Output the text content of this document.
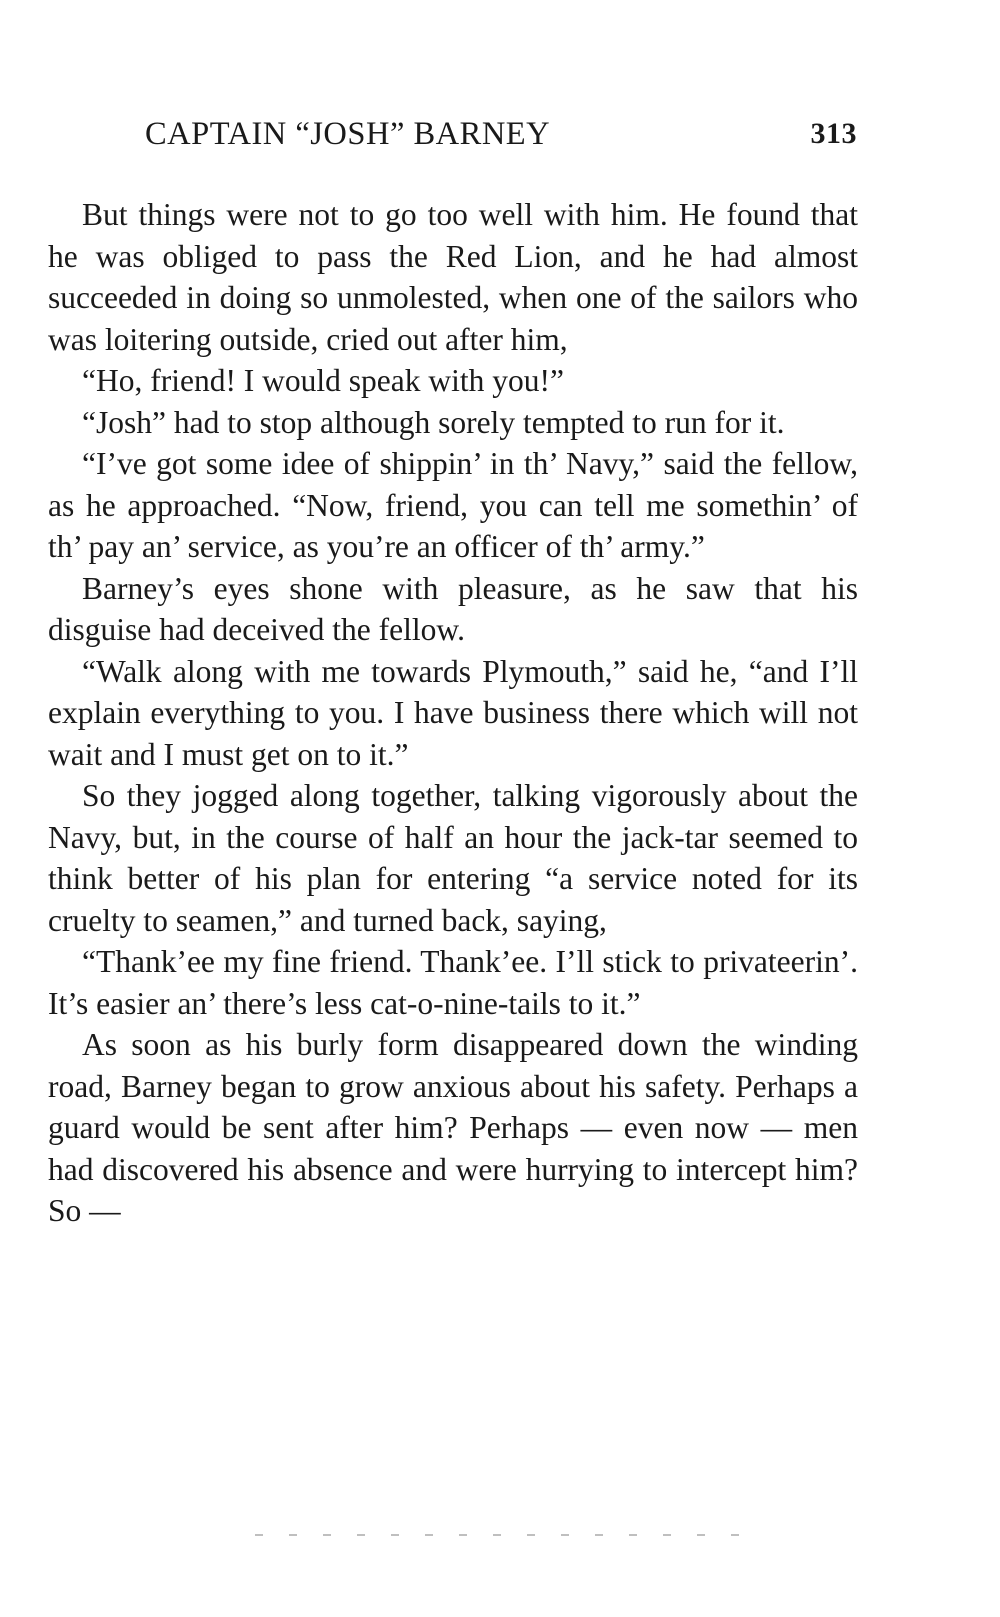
CAPTAIN “JOSH” BARNEY	313

But things were not to go too well with him. He found that he was obliged to pass the Red Lion, and he had almost succeeded in doing so unmolested, when one of the sailors who was loitering outside, cried out after him,

“Ho, friend! I would speak with you!”

“Josh” had to stop although sorely tempted to run for it.

“I’ve got some idee of shippin’ in th’ Navy,” said the fellow, as he approached. “Now, friend, you can tell me somethin’ of th’ pay an’ service, as you’re an officer of th’ army.”

Barney’s eyes shone with pleasure, as he saw that his disguise had deceived the fellow.

“Walk along with me towards Plymouth,” said he, “and I’ll explain everything to you. I have business there which will not wait and I must get on to it.”

So they jogged along together, talking vigorously about the Navy, but, in the course of half an hour the jack-tar seemed to think better of his plan for entering “a service noted for its cruelty to seamen,” and turned back, saying,

“Thank’ee my fine friend. Thank’ee. I’ll stick to privateerin’. It’s easier an’ there’s less cat-o-nine-tails to it.”

As soon as his burly form disappeared down the winding road, Barney began to grow anxious about his safety. Perhaps a guard would be sent after him? Perhaps — even now — men had discovered his absence and were hurrying to intercept him? So —
